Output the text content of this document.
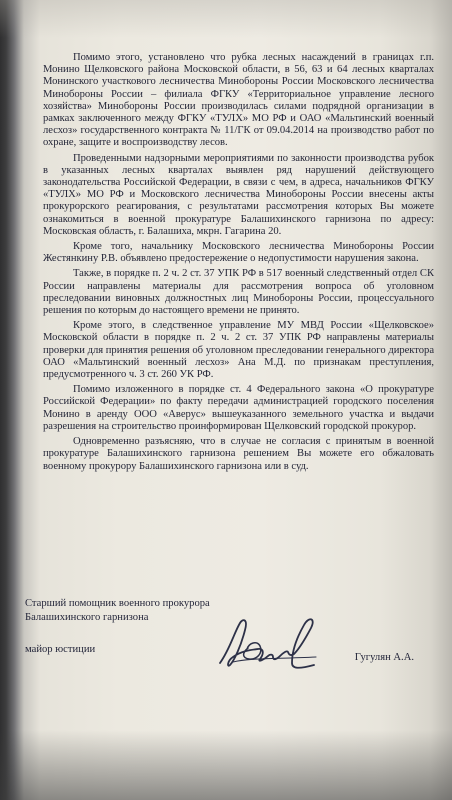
Помимо этого, установлено что рубка лесных насаждений в границах г.п. Монино Щелковского района Московской области, в 56, 63 и 64 лесных кварталах Монинского участкового лесничества Минобороны России Московского лесничества Минобороны России – филиала ФГКУ «Территориальное управление лесного хозяйства» Минобороны России производилась силами подрядной организации в рамках заключенного между ФГКУ «ТУЛХ» МО РФ и ОАО «Мальтинский военный лесхоз» государственного контракта № 11/ГК от 09.04.2014 на производство работ по охране, защите и воспроизводству лесов.

Проведенными надзорными мероприятиями по законности производства рубок в указанных лесных кварталах выявлен ряд нарушений действующего законодательства Российской Федерации, в связи с чем, в адреса, начальников ФГКУ «ТУЛХ» МО РФ и Московского лесничества Минобороны России внесены акты прокурорского реагирования, с результатами рассмотрения которых Вы можете ознакомиться в военной прокуратуре Балашихинского гарнизона по адресу: Московская область, г. Балашиха, мкрн. Гагарина 20.

Кроме того, начальнику Московского лесничества Минобороны России Жестянкину Р.В. объявлено предостережение о недопустимости нарушения закона.

Также, в порядке п. 2 ч. 2 ст. 37 УПК РФ в 517 военный следственный отдел СК России направлены материалы для рассмотрения вопроса об уголовном преследовании виновных должностных лиц Минобороны России, процессуального решения по которым до настоящего времени не принято.

Кроме этого, в следственное управление МУ МВД России «Щелковское» Московской области в порядке п. 2 ч. 2 ст. 37 УПК РФ направлены материалы проверки для принятия решения об уголовном преследовании генерального директора ОАО «Мальтинский военный лесхоз» Ана М.Д. по признакам преступления, предусмотренного ч. 3 ст. 260 УК РФ.

Помимо изложенного в порядке ст. 4 Федерального закона «О прокуратуре Российской Федерации» по факту передачи администрацией городского поселения Монино в аренду ООО «Аверус» вышеуказанного земельного участка и выдачи разрешения на строительство проинформирован Щелковский городской прокурор.

Одновременно разъясняю, что в случае не согласия с принятым в военной прокуратуре Балашихинского гарнизона решением Вы можете его обжаловать военному прокурору Балашихинского гарнизона или в суд.

Старший помощник военного прокурора
Балашихинского гарнизона
майор юстиции
Гугулян А.А.
